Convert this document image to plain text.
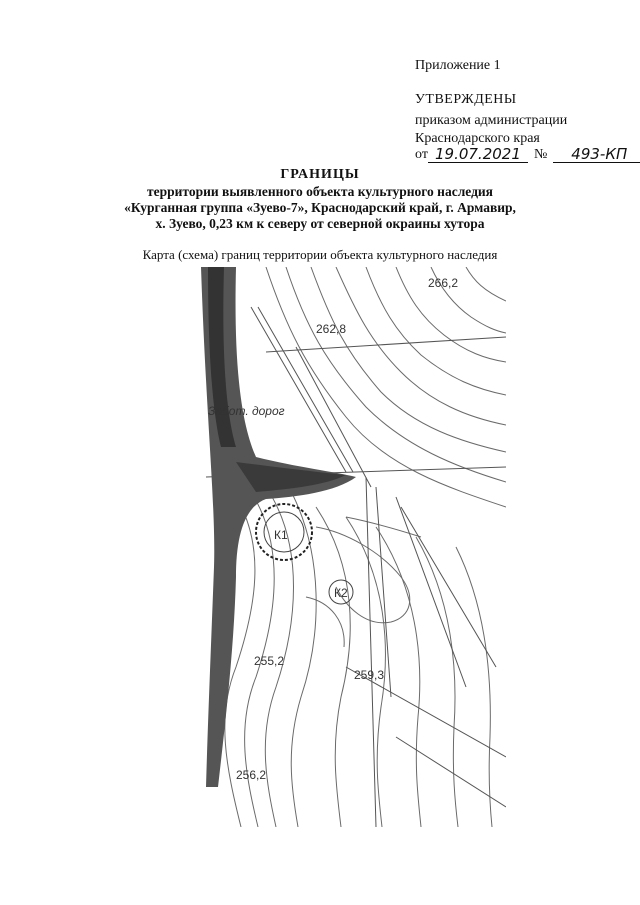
Приложение 1
УТВЕРЖДЕНЫ
приказом администрации
Краснодарского края
от 19.07.2021 №	493-КП
ГРАНИЦЫ
территории выявленного объекта культурного наследия
«Курганная группа «Зуево-7», Краснодарский край, г. Армавир,
х. Зуево, 0,23 км к северу от северной окраины хутора
Карта (схема) границ территории объекта культурного наследия
266,2
262,8
255,2
259,3
256,2
К1
К2
Забот. дорог
